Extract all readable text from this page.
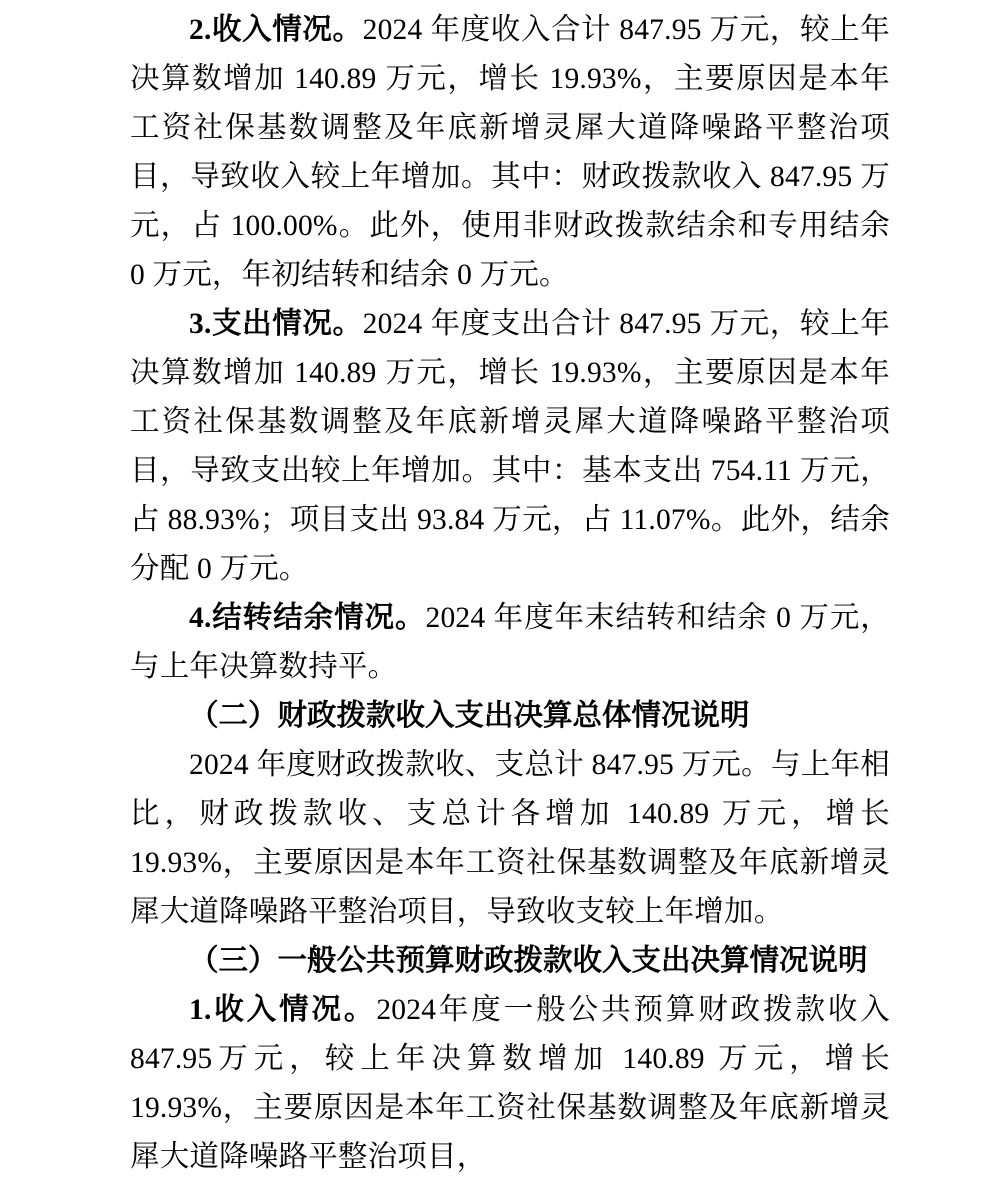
2.收入情况。2024 年度收入合计 847.95 万元，较上年决算数增加 140.89 万元，增长 19.93%，主要原因是本年工资社保基数调整及年底新增灵犀大道降噪路平整治项目，导致收入较上年增加。其中：财政拨款收入 847.95 万元，占 100.00%。此外，使用非财政拨款结余和专用结余 0 万元，年初结转和结余 0 万元。

3.支出情况。2024 年度支出合计 847.95 万元，较上年决算数增加 140.89 万元，增长 19.93%，主要原因是本年工资社保基数调整及年底新增灵犀大道降噪路平整治项目，导致支出较上年增加。其中：基本支出 754.11 万元，占 88.93%；项目支出 93.84 万元，占 11.07%。此外，结余分配 0 万元。

4.结转结余情况。2024 年度年末结转和结余 0 万元，与上年决算数持平。

（二）财政拨款收入支出决算总体情况说明

2024 年度财政拨款收、支总计 847.95 万元。与上年相比，财政拨款收、支总计各增加 140.89 万元，增长 19.93%，主要原因是本年工资社保基数调整及年底新增灵犀大道降噪路平整治项目，导致收支较上年增加。

（三）一般公共预算财政拨款收入支出决算情况说明

1.收入情况。2024年度一般公共预算财政拨款收入847.95万元，较上年决算数增加 140.89 万元，增长 19.93%，主要原因是本年工资社保基数调整及年底新增灵犀大道降噪路平整治项目，
